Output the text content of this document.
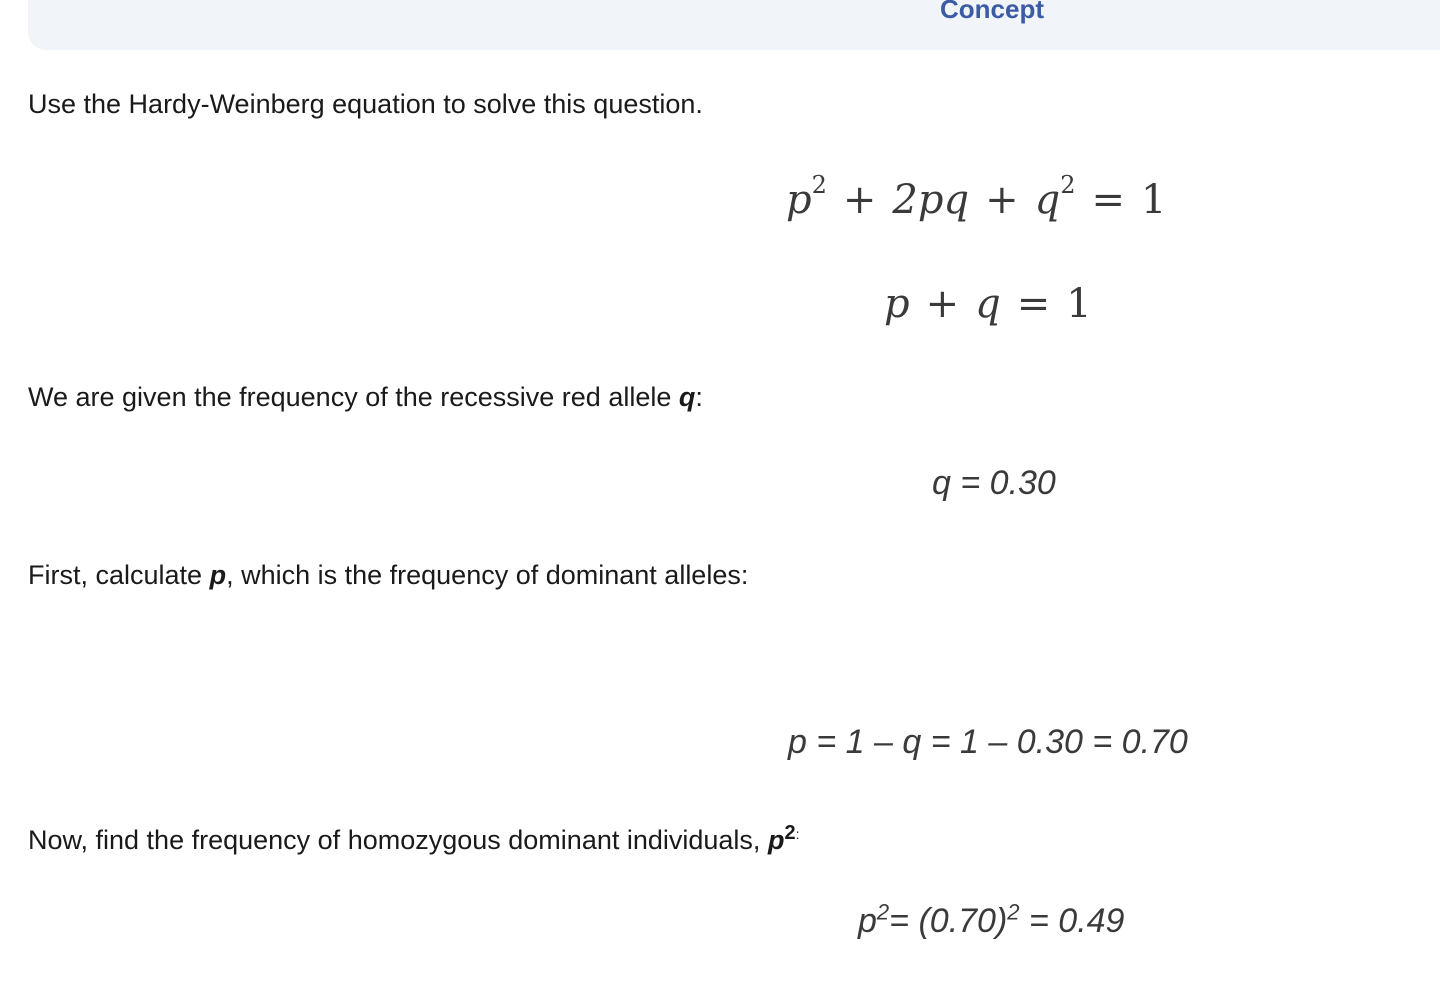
Concept
Use the Hardy-Weinberg equation to solve this question.
$p^2 + 2pq + q^2 = 1$
p + q = 1
We are given the frequency of the recessive red allele q:
q = 0.30
First, calculate p, which is the frequency of dominant alleles:
p = 1 – q = 1 – 0.30 = 0.70
Now, find the frequency of homozygous dominant individuals, $p^{2:}$
$p^2= (0.70)^2 = 0.49$
